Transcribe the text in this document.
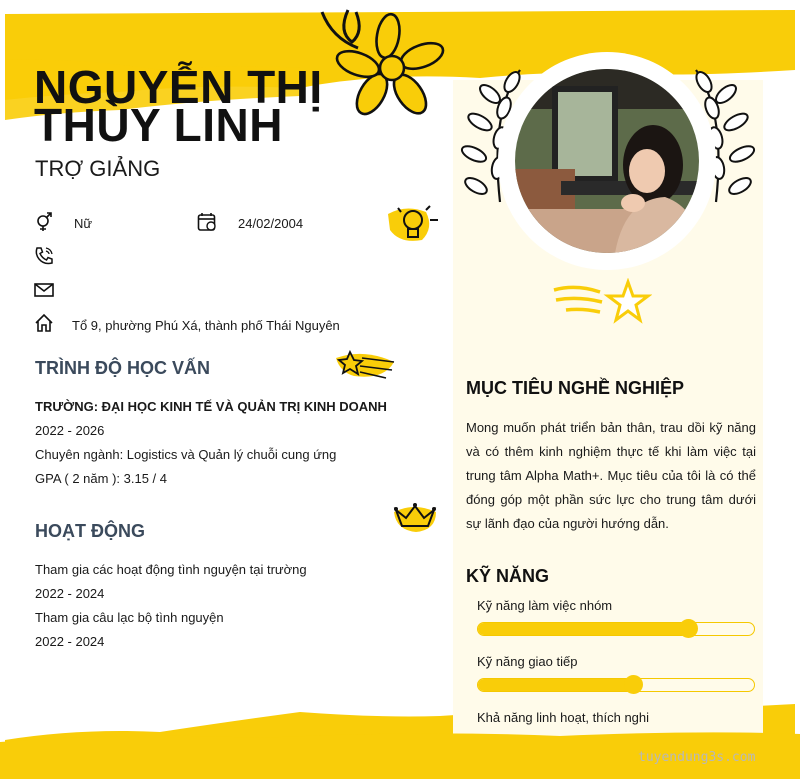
NGUYỄN THỊ
THÙY LINH
TRỢ GIẢNG
Nữ	24/02/2004
Tổ 9, phường Phú Xá, thành phố Thái Nguyên
TRÌNH ĐỘ HỌC VẤN
TRƯỜNG: ĐẠI HỌC KINH TẾ VÀ QUẢN TRỊ KINH DOANH
2022 - 2026
Chuyên ngành: Logistics và Quản lý chuỗi cung ứng
GPA ( 2 năm ): 3.15 / 4
HOẠT ĐỘNG
Tham gia các hoạt động tình nguyện tại trường
2022 - 2024
Tham gia câu lạc bộ tình nguyện
2022 - 2024
MỤC TIÊU NGHỀ NGHIỆP
Mong muốn phát triển bản thân, trau dồi kỹ năng và có thêm kinh nghiệm thực tế khi làm việc tại trung tâm Alpha Math+. Mục tiêu của tôi là có thể đóng góp một phần sức lực cho trung tâm dưới sự lãnh đạo của người hướng dẫn.
KỸ NĂNG
Kỹ năng làm việc nhóm
Kỹ năng giao tiếp
Khả năng linh hoạt, thích nghi
tuyendung3s.com
